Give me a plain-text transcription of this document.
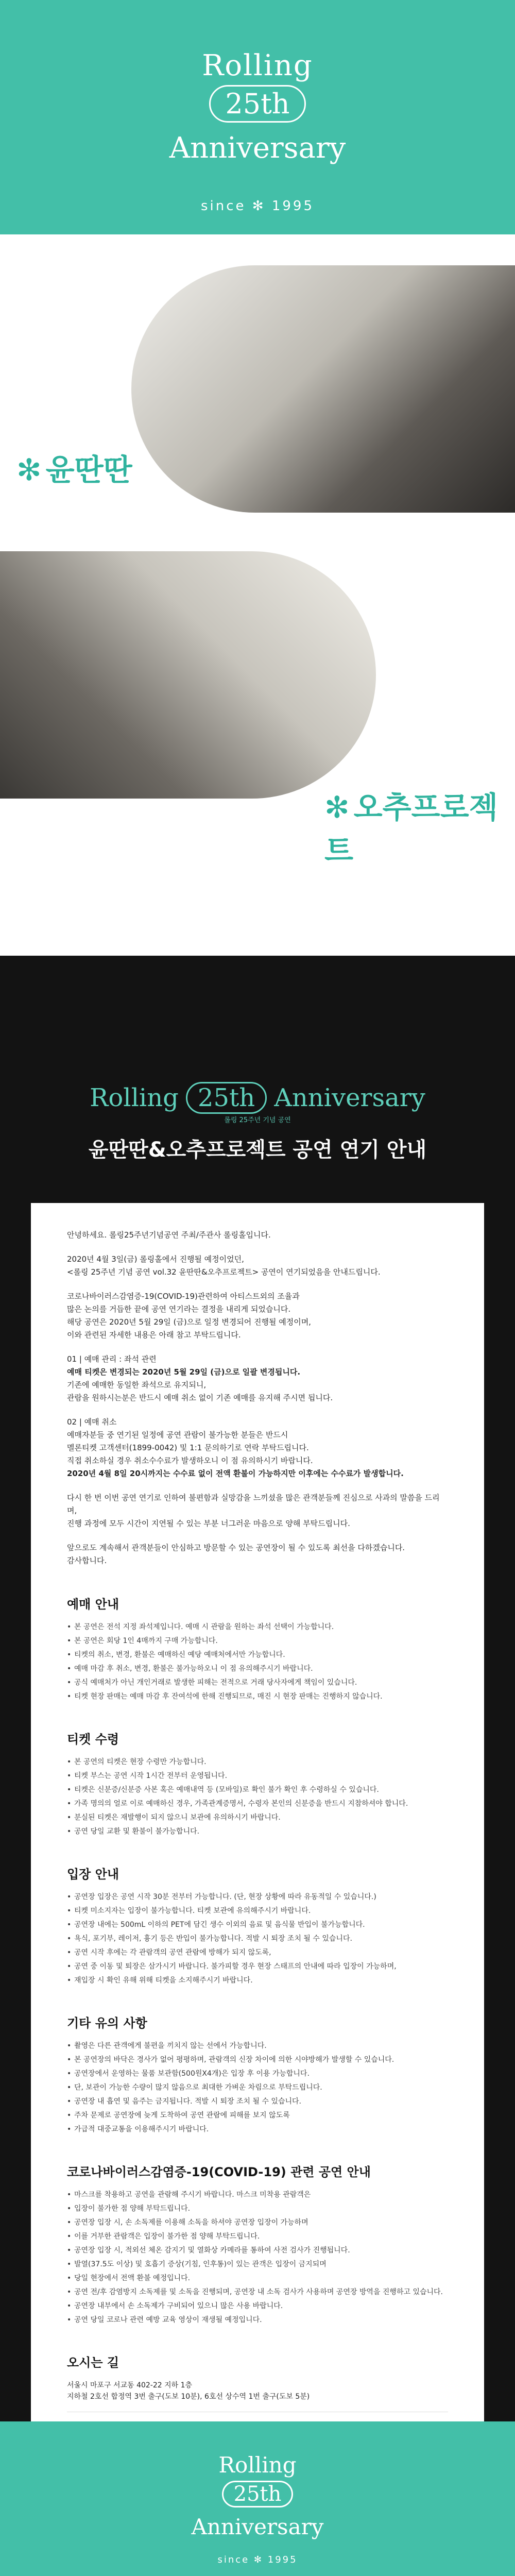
Rolling
25th
Anniversary
since ✻ 1995
✻ 윤딴딴
✻ 오추프로젝트
Rolling 25th Anniversary
롤링 25주년 기념 공연
윤딴딴&오추프로젝트 공연 연기 안내

안녕하세요. 롤링25주년기념공연 주최/주관사 롤링홀입니다.

2020년 4월 3일(금) 롤링홀에서 진행될 예정이었던,

<롤링 25주년 기념 공연 vol.32 윤딴딴&오추프로젝트> 공연이 연기되었음을 안내드립니다.

코로나바이러스감염증-19(COVID-19)관련하여 아티스트외의 조율과

많은 논의를 거듭한 끝에 공연 연기라는 결정을 내리게 되었습니다.

해당 공연은 2020년 5월 29일 (금)으로 일정 변경되어 진행될 예정이며,

이와 관련된 자세한 내용은 아래 참고 부탁드립니다.

01 | 예매 관리 : 좌석 관련

예매 티켓은 변경되는 2020년 5월 29일 (금)으로 일괄 변경됩니다.

기존에 예매한 동일한 좌석으로 유지되니,

관람을 원하시는분은 반드시 예매 취소 없이 기존 예매를 유지해 주시면 됩니다.

02 | 예매 취소

예매자분들 중 연기된 일정에 공연 관람이 불가능한 분들은 반드시

멜론티켓 고객센터(1899-0042) 및 1:1 문의하기로 연락 부탁드립니다.

직접 취소하실 경우 취소수수료가 발생하오니 이 점 유의하시기 바랍니다.

2020년 4월 8일 20시까지는 수수료 없이 전액 환불이 가능하지만 이후에는 수수료가 발생합니다.

다시 한 번 이번 공연 연기로 인하여 불편함과 실망감을 느끼셨을 많은 관객분들께 진심으로 사과의 말씀을 드리며,

진행 과정에 모두 시간이 지연될 수 있는 부분 너그러운 마음으로 양해 부탁드립니다.

앞으로도 계속해서 관객분들이 안심하고 방문할 수 있는 공연장이 될 수 있도록 최선을 다하겠습니다.

감사합니다.

예매 안내
• 본 공연은 전석 지정 좌석제입니다. 예매 시 관람을 원하는 좌석 선택이 가능합니다.
• 본 공연은 회당 1인 4매까지 구매 가능합니다.
• 티켓의 취소, 변경, 환불은 예매하신 예당 예매처에서만 가능합니다.
• 예매 마감 후 취소, 변경, 환불은 불가능하오니 이 점 유의해주시기 바랍니다.
• 공식 예매처가 아닌 개인거래로 발생한 피해는 전적으로 거래 당사자에게 책임이 있습니다.
• 티켓 현장 판매는 예매 마감 후 잔여석에 한해 진행되므로, 매진 시 현장 판매는 진행하지 않습니다.
티켓 수령
• 본 공연의 티켓은 현장 수령만 가능합니다.
• 티켓 부스는 공연 시작 1시간 전부터 운영됩니다.
• 티켓은 신분증/신분증 사본 혹은 예매내역 등 (모바일)로 확인 불가 확인 후 수령하실 수 있습니다.
• 가족 명의의 얼로 이로 예매하신 경우, 가족관계증명서, 수령자 본인의 신분증을 반드시 지참하셔야 합니다.
• 분실된 티켓은 재발행이 되지 않으니 보관에 유의하시기 바랍니다.
• 공연 당일 교환 및 환불이 불가능합니다.
입장 안내
• 공연장 입장은 공연 시작 30분 전부터 가능합니다. (단, 현장 상황에 따라 유동적일 수 있습니다.)
• 티켓 미소지자는 입장이 불가능합니다. 티켓 보관에 유의해주시기 바랍니다.
• 공연장 내에는 500mL 이하의 PET에 담긴 생수 이외의 음료 및 음식물 반입이 불가능합니다.
• 욕식, 포기부, 레이저, 흉기 등은 반입이 불가능합니다. 적발 시 퇴장 조치 될 수 있습니다.
• 공연 시작 후에는 각 관람객의 공연 관람에 방해가 되지 않도록,
• 공연 중 이동 및 퇴장은 삼가시기 바랍니다. 불가피할 경우 현장 스태프의 안내에 따라 입장이 가능하며,
• 재입장 시 확인 유해 위해 티켓을 소지해주시기 바랍니다.
기타 유의 사항
• 촬영은 다른 관객에게 불편을 끼치지 않는 선에서 가능합니다.
• 본 공연장의 바닥은 경사가 없어 평평하며, 관람객의 신장 차이에 의한 시야방해가 발생할 수 있습니다.
• 공연장에서 운영하는 물품 보관함(500원X4개)은 입장 후 이용 가능합니다.
• 단, 보관이 가능한 수량이 많지 않음으로 최대한 가벼운 차림으로 부탁드립니다.
• 공연장 내 흡연 및 음주는 금지됩니다. 적발 시 퇴장 조치 될 수 있습니다.
• 주차 문제로 공연장에 늦게 도착하여 공연 관람에 피해를 보지 않도록
• 가급적 대중교통을 이용해주시기 바랍니다.
코로나바이러스감염증-19(COVID-19) 관련 공연 안내
• 마스크를 착용하고 공연을 관람해 주시기 바랍니다. 마스크 미착용 관람객은
• 입장이 불가한 점 양해 부탁드립니다.
• 공연장 입장 시, 손 소독제를 이용해 소독을 하셔야 공연장 입장이 가능하며
• 이를 거부한 관람객은 입장이 불가한 점 양해 부탁드립니다.
• 공연장 입장 시, 적외선 체온 감지기 및 열화상 카메라를 통하여 사전 검사가 진행됩니다.
• 발열(37.5도 이상) 및 호흡기 증상(기침, 인후통)이 있는 관객은 입장이 금지되며
• 당일 현장에서 전액 환불 예정입니다.
• 공연 전/후 감염방지 소독제를 및 소독을 진행되며, 공연장 내 소독 검사가 사용하며 공연장 방역을 진행하고 있습니다.
• 공연장 내부에서 손 소독제가 구비되어 있으니 많은 사용 바랍니다.
• 공연 당일 코로나 관련 예방 교육 영상이 재생될 예정입니다.
오시는 길

서울시 마포구 서교동 402-22 지하 1층

지하철 2호선 합정역 3번 출구(도보 10분), 6호선 상수역 1번 출구(도보 5분)

Rolling
25th
Anniversary
since ✻ 1995
